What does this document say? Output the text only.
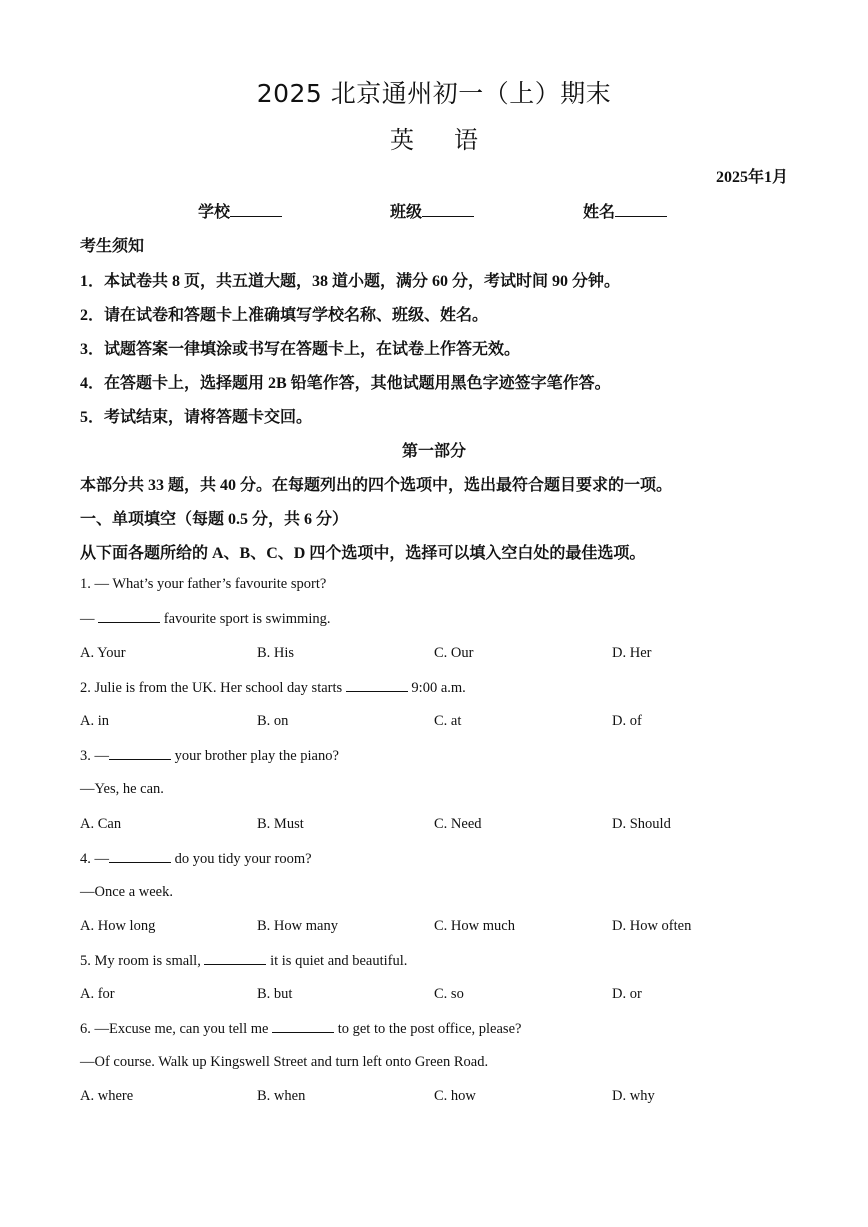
2025 北京通州初一（上）期末
英语
2025年1月
学校	班级	姓名
考生须知
1．本试卷共 8 页，共五道大题，38 道小题，满分 60 分，考试时间 90 分钟。
2．请在试卷和答题卡上准确填写学校名称、班级、姓名。
3．试题答案一律填涂或书写在答题卡上，在试卷上作答无效。
4．在答题卡上，选择题用 2B 铅笔作答，其他试题用黑色字迹签字笔作答。
5．考试结束，请将答题卡交回。
第一部分
本部分共 33 题，共 40 分。在每题列出的四个选项中，选出最符合题目要求的一项。
一、单项填空（每题 0.5 分，共 6 分）
从下面各题所给的 A、B、C、D 四个选项中，选择可以填入空白处的最佳选项。
1. — What’s your father’s favourite sport?
—	favourite sport is swimming.
A. Your	B. His	C. Our	D. Her
2. Julie is from the UK. Her school day starts	9:00 a.m.
A. in	B. on	C. at	D. of
3. —	your brother play the piano?
—Yes, he can.
A. Can	B. Must	C. Need	D. Should
4. —	do you tidy your room?
—Once a week.
A. How long	B. How many	C. How much	D. How often
5. My room is small,	it is quiet and beautiful.
A. for	B. but	C. so	D. or
6. —Excuse me, can you tell me	to get to the post office, please?
—Of course. Walk up Kingswell Street and turn left onto Green Road.
A. where	B. when	C. how	D. why
